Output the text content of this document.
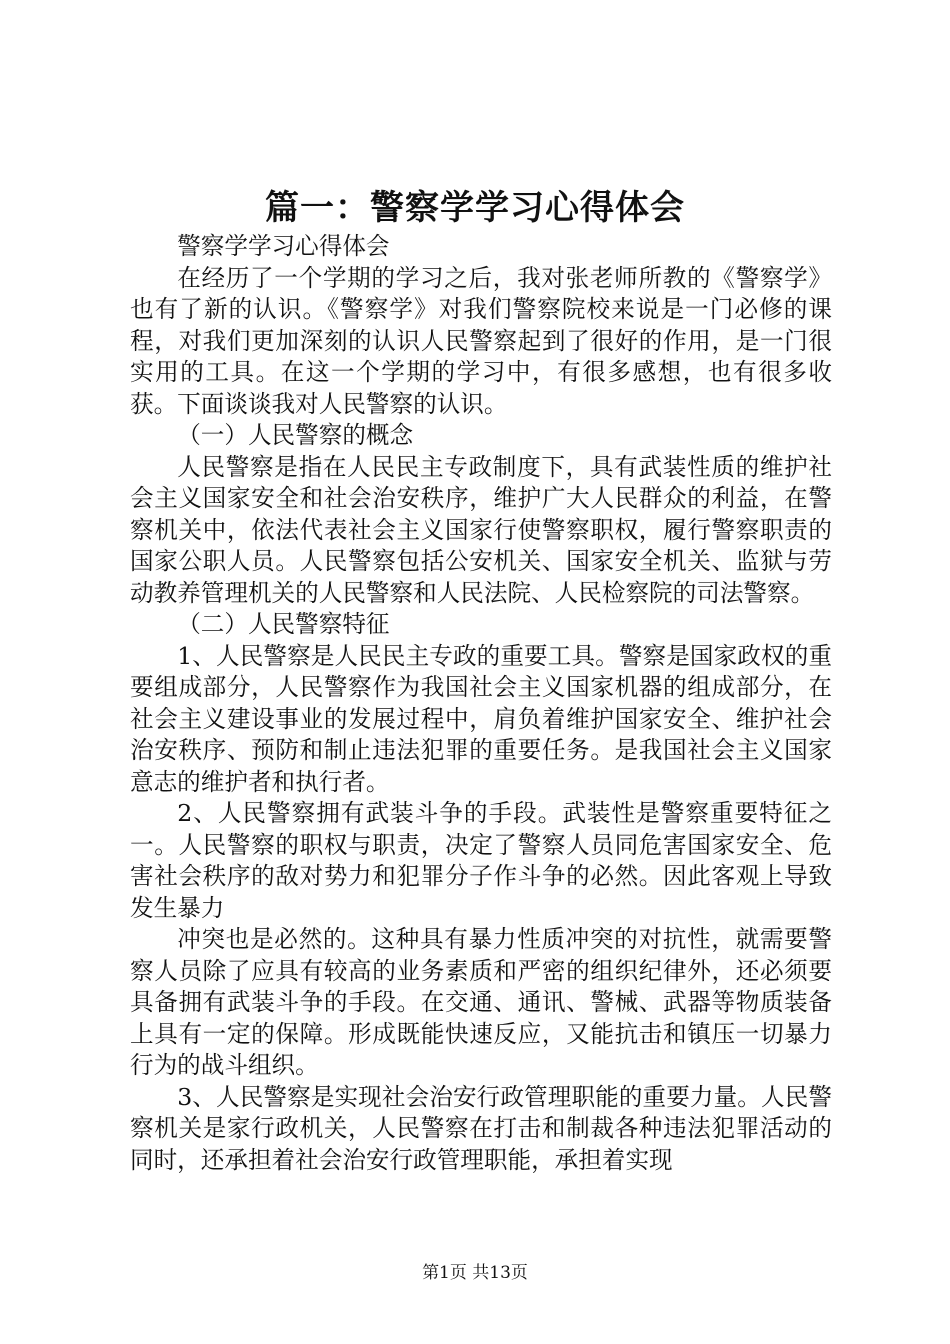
篇一：警察学学习心得体会

警察学学习心得体会

在经历了一个学期的学习之后，我对张老师所教的《警察学》也有了新的认识。《警察学》对我们警察院校来说是一门必修的课程，对我们更加深刻的认识人民警察起到了很好的作用，是一门很实用的工具。在这一个学期的学习中，有很多感想，也有很多收获。下面谈谈我对人民警察的认识。

（一）人民警察的概念

人民警察是指在人民民主专政制度下，具有武装性质的维护社会主义国家安全和社会治安秩序，维护广大人民群众的利益，在警察机关中，依法代表社会主义国家行使警察职权，履行警察职责的国家公职人员。人民警察包括公安机关、国家安全机关、监狱与劳动教养管理机关的人民警察和人民法院、人民检察院的司法警察。

（二）人民警察特征

1、人民警察是人民民主专政的重要工具。警察是国家政权的重要组成部分，人民警察作为我国社会主义国家机器的组成部分，在社会主义建设事业的发展过程中，肩负着维护国家安全、维护社会治安秩序、预防和制止违法犯罪的重要任务。是我国社会主义国家意志的维护者和执行者。

2、人民警察拥有武装斗争的手段。武装性是警察重要特征之一。人民警察的职权与职责，决定了警察人员同危害国家安全、危害社会秩序的敌对势力和犯罪分子作斗争的必然。因此客观上导致发生暴力

冲突也是必然的。这种具有暴力性质冲突的对抗性，就需要警察人员除了应具有较高的业务素质和严密的组织纪律外，还必须要具备拥有武装斗争的手段。在交通、通讯、警械、武器等物质装备上具有一定的保障。形成既能快速反应，又能抗击和镇压一切暴力行为的战斗组织。

3、人民警察是实现社会治安行政管理职能的重要力量。人民警察机关是家行政机关，人民警察在打击和制裁各种违法犯罪活动的同时，还承担着社会治安行政管理职能，承担着实现

第1页 共13页
